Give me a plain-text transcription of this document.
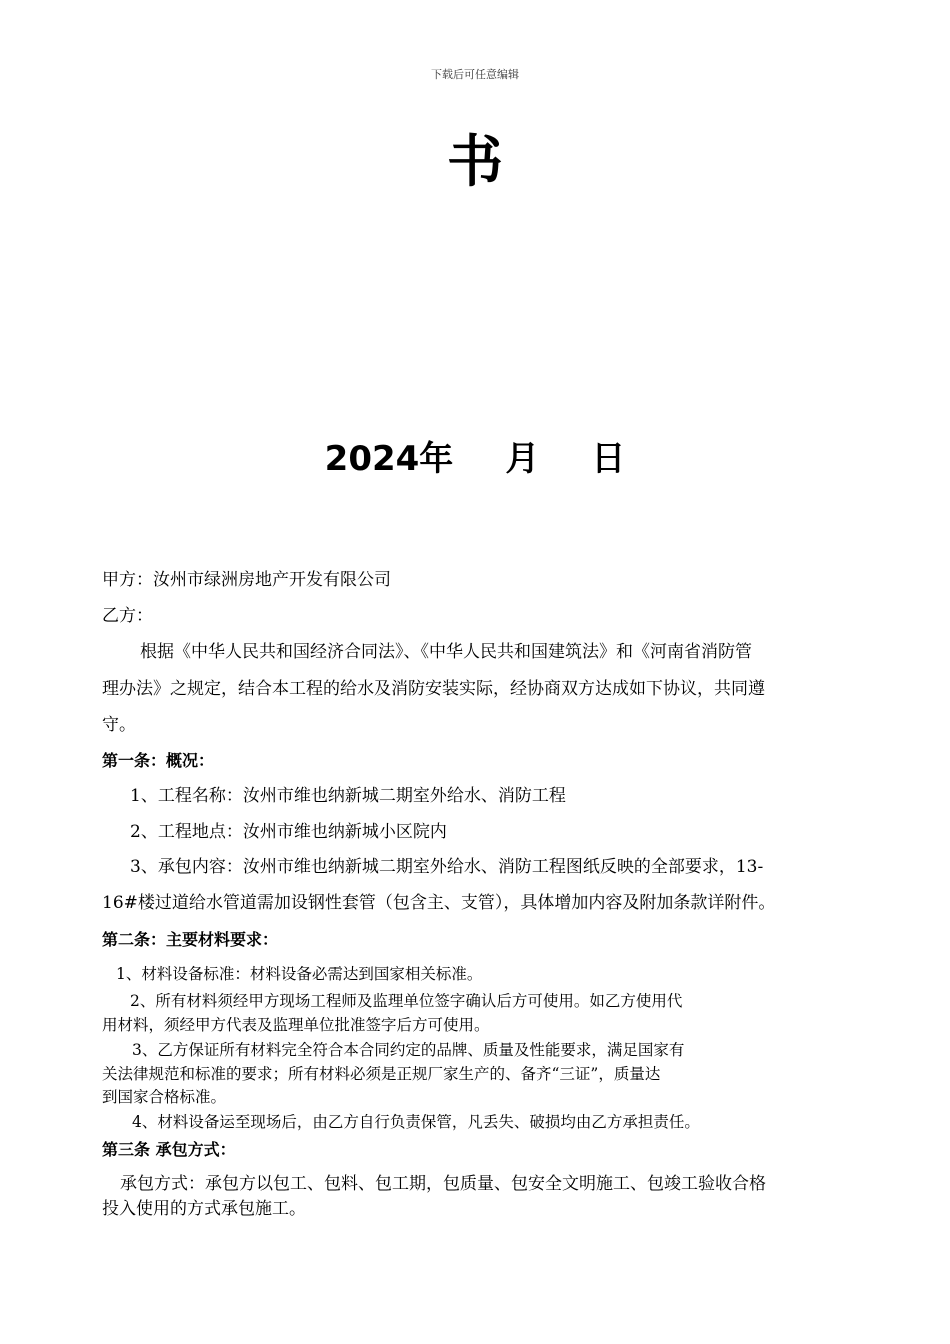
下载后可任意编辑
书
2024年 月 日
甲方：汝州市绿洲房地产开发有限公司
乙方：
根据《中华人民共和国经济合同法》、《中华人民共和国建筑法》和《河南省消防管
理办法》之规定，结合本工程的给水及消防安装实际，经协商双方达成如下协议，共同遵
守。
第一条：概况：
1、工程名称：汝州市维也纳新城二期室外给水、消防工程
2、工程地点：汝州市维也纳新城小区院内
3、承包内容：汝州市维也纳新城二期室外给水、消防工程图纸反映的全部要求，13-
16#楼过道给水管道需加设钢性套管（包含主、支管），具体增加内容及附加条款详附件。
第二条：主要材料要求：
1、材料设备标准：材料设备必需达到国家相关标准。
2、所有材料须经甲方现场工程师及监理单位签字确认后方可使用。如乙方使用代
用材料，须经甲方代表及监理单位批准签字后方可使用。
3、乙方保证所有材料完全符合本合同约定的品牌、质量及性能要求，满足国家有
关法律规范和标准的要求；所有材料必须是正规厂家生产的、备齐“三证”，质量达
到国家合格标准。
4、材料设备运至现场后，由乙方自行负责保管，凡丢失、破损均由乙方承担责任。
第三条 承包方式：
承包方式：承包方以包工、包料、包工期，包质量、包安全文明施工、包竣工验收合格
投入使用的方式承包施工。
